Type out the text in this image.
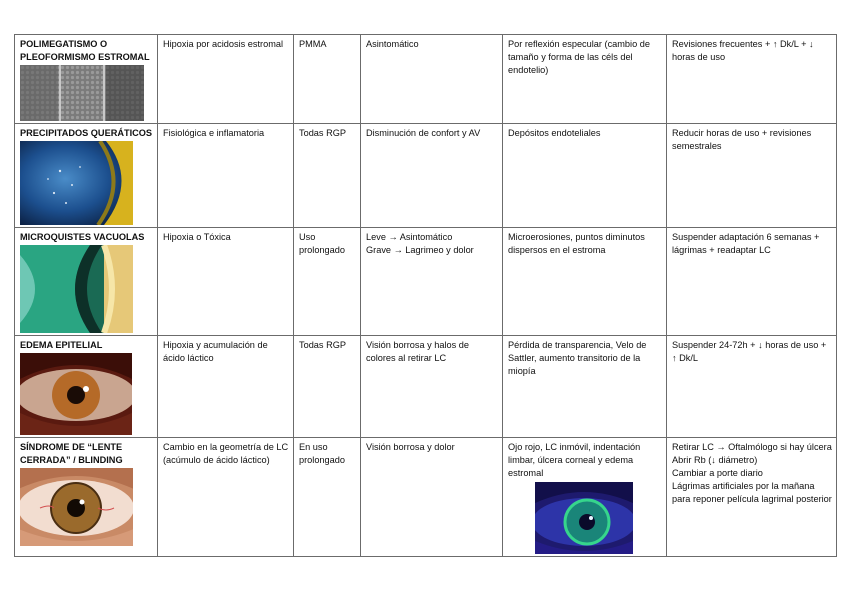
POLIMEGATISMO O PLEOFORMISMO ESTROMAL	Hipoxia por acidosis estromal	PMMA	Asintomático	Por reflexión especular (cambio de tamaño y forma de las céls del endotelio)	Revisiones frecuentes + ↑ Dk/L + ↓ horas de uso

PRECIPITADOS QUERÁTICOS	Fisiológica e inflamatoria	Todas RGP	Disminución de confort y AV	Depósitos endoteliales	Reducir horas de uso + revisiones semestrales

MICROQUISTES VACUOLAS	Hipoxia o Tóxica	Uso prolongado	Leve → Asintomático
Grave → Lagrimeo y dolor	Microerosiones, puntos diminutos dispersos en el estroma	Suspender adaptación 6 semanas + lágrimas + readaptar LC

EDEMA EPITELIAL	Hipoxia y acumulación de ácido láctico	Todas RGP	Visión borrosa y halos de colores al retirar LC	Pérdida de transparencia, Velo de Sattler, aumento transitorio de la miopía	Suspender 24-72h + ↓ horas de uso + ↑ Dk/L

SÍNDROME DE “LENTE CERRADA” / BLINDING	Cambio en la geometría de LC (acúmulo de ácido láctico)	En uso prolongado	Visión borrosa y dolor	Ojo rojo, LC inmóvil, indentación limbar, úlcera corneal y edema estromal	Retirar LC → Oftalmólogo si hay úlcera
Abrir Rb (↓ diámetro)
Cambiar a porte diario
Lágrimas artificiales por la mañana para reponer película lagrimal posterior
